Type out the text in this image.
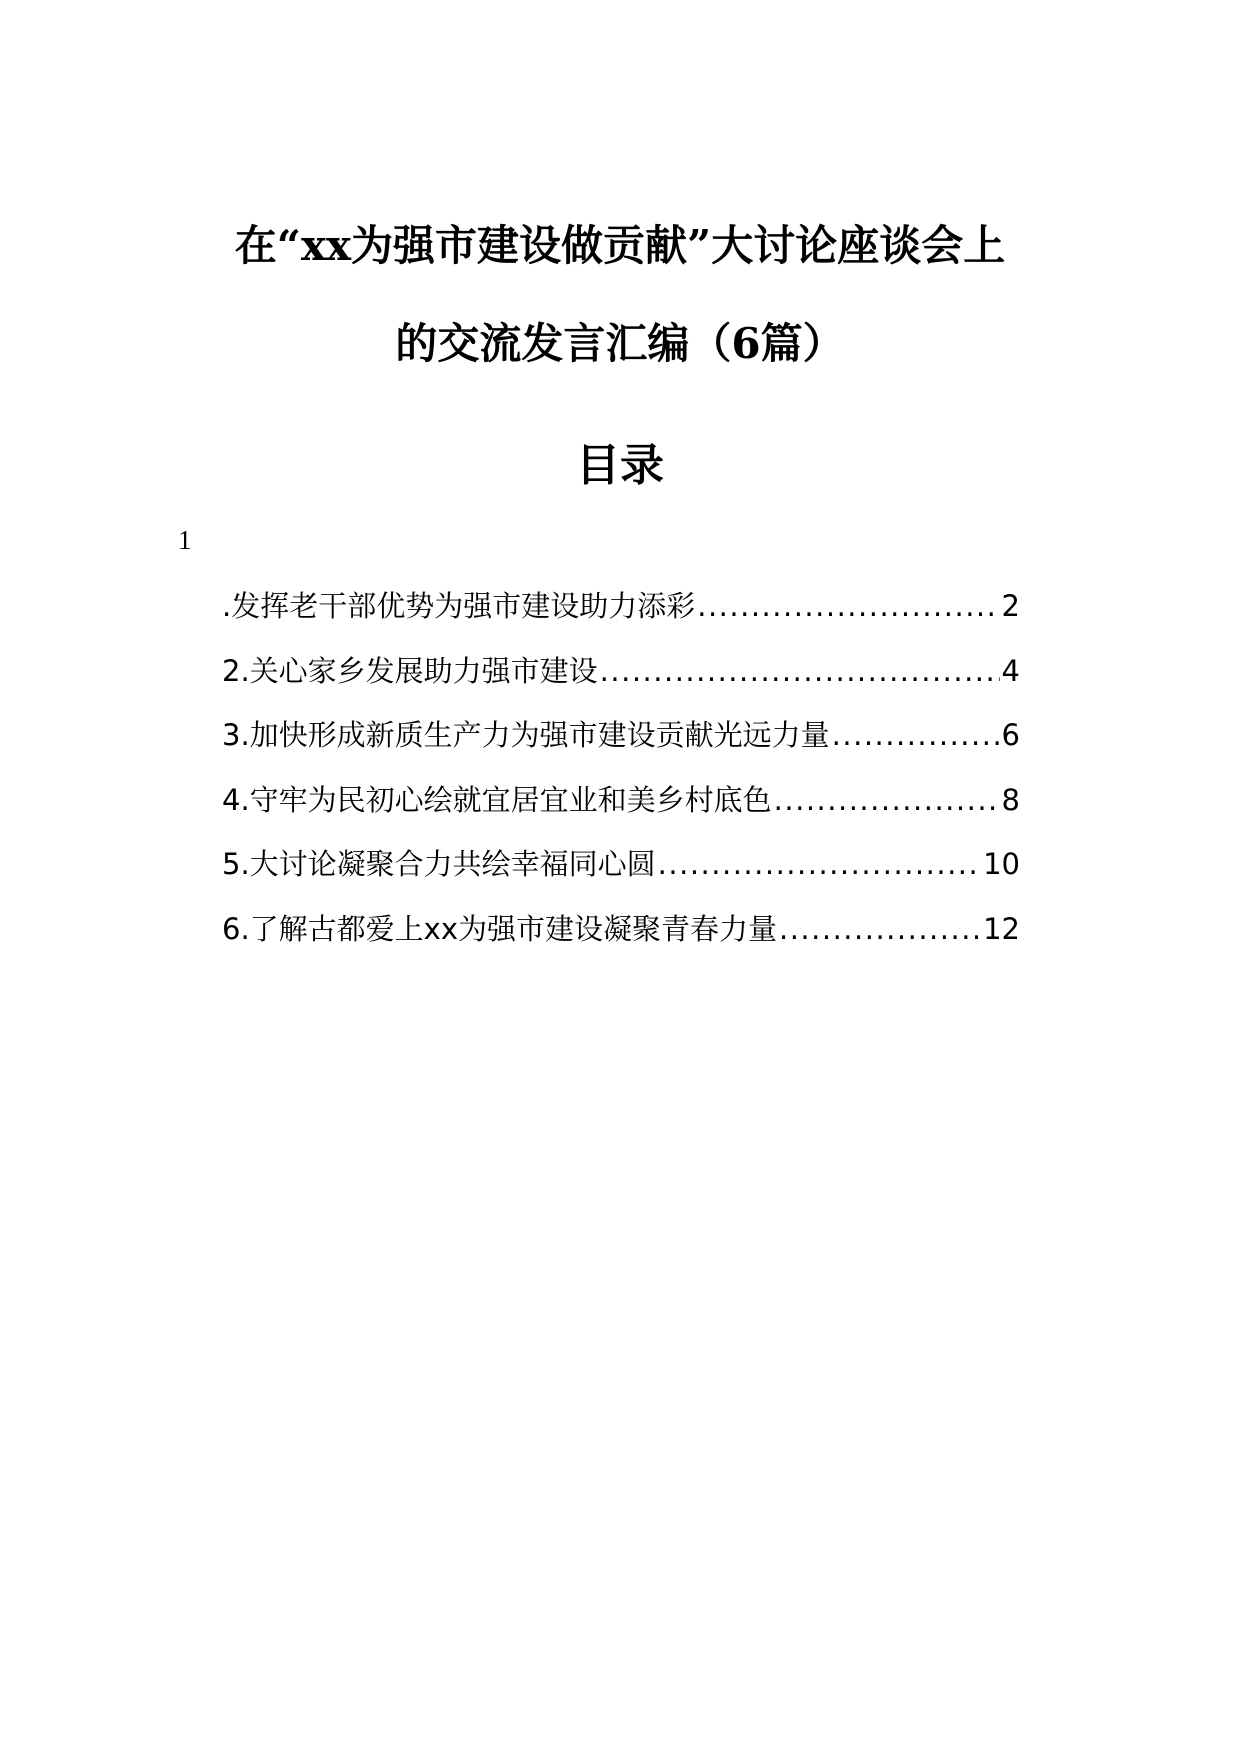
在“xx为强市建设做贡献”大讨论座谈会上
的交流发言汇编（6篇）
目录
1
.发挥老干部优势为强市建设助力添彩 .....	2
2.关心家乡发展助力强市建设 .....	4
3.加快形成新质生产力为强市建设贡献光远力量 .....	6
4.守牢为民初心绘就宜居宜业和美乡村底色 .....	8
5.大讨论凝聚合力共绘幸福同心圆 .....	10
6.了解古都爱上xx为强市建设凝聚青春力量 .....	12
